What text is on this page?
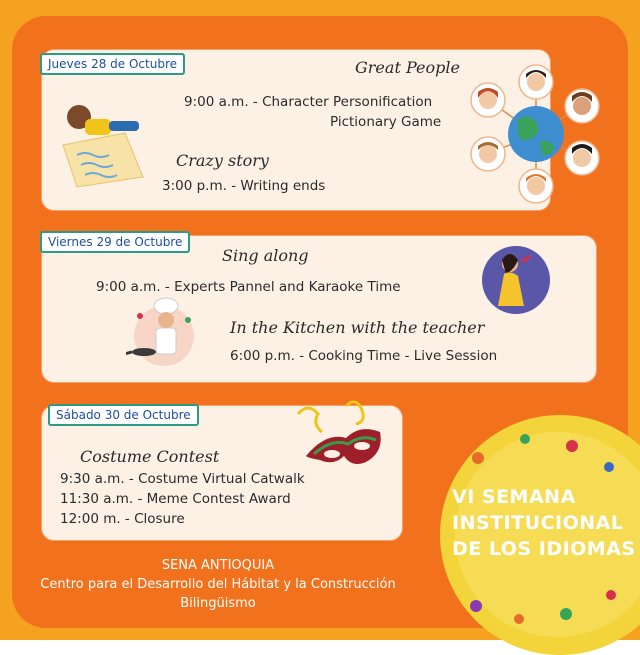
Jueves 28 de Octubre	Great People
9:00 a.m. - Character Personification
Pictionary Game
Crazy story
3:00 p.m. - Writing ends
Viernes 29 de Octubre
Sing along
9:00 a.m. - Experts Pannel and Karaoke Time
In the Kitchen with the teacher
6:00 p.m. - Cooking Time - Live Session
Sábado 30 de Octubre
Costume Contest
9:30 a.m. - Costume Virtual Catwalk
11:30 a.m. - Meme Contest Award
12:00 m. - Closure
SENA ANTIOQUIA
Centro para el Desarrollo del Hábitat y la Construcción
Bilingüismo
VI SEMANA
INSTITUCIONAL
DE LOS IDIOMAS
